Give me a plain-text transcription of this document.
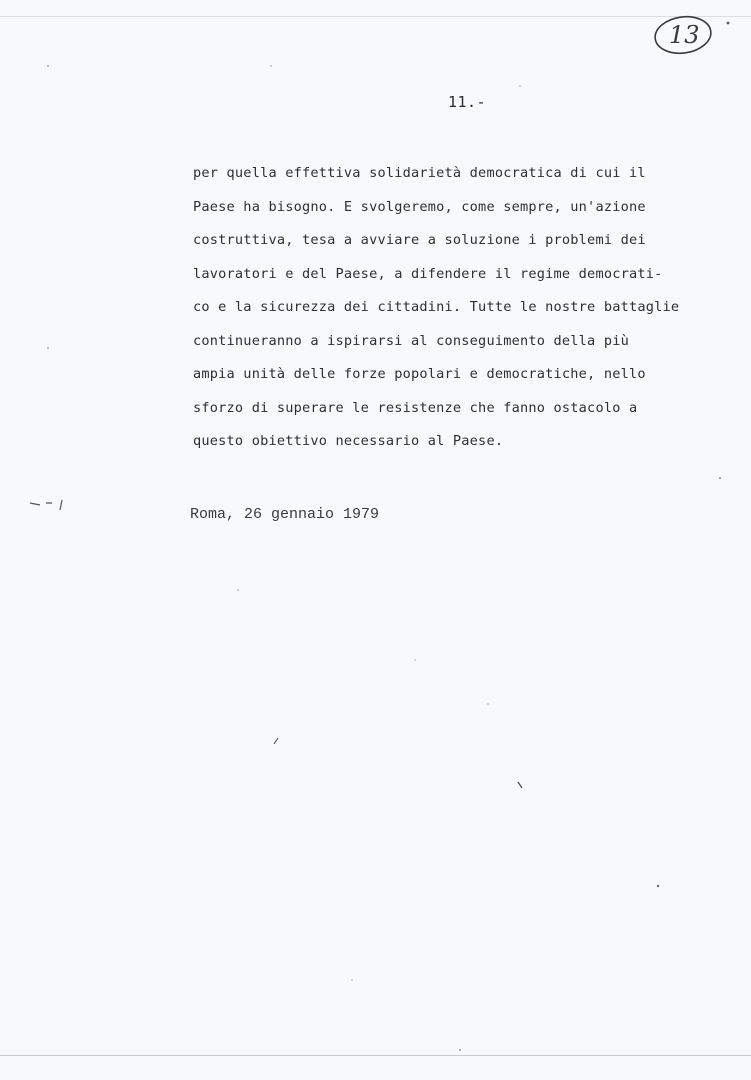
13
11.-
per quella effettiva solidarietà democratica di cui il
Paese ha bisogno. E svolgeremo, come sempre, un'azione
costruttiva, tesa a avviare a soluzione i problemi dei
lavoratori e del Paese, a difendere il regime democrati-
co e la sicurezza dei cittadini. Tutte le nostre battaglie
continueranno a ispirarsi al conseguimento della più
ampia unità delle forze popolari e democratiche, nello
sforzo di superare le resistenze che fanno ostacolo a
questo obiettivo necessario al Paese.
Roma, 26 gennaio 1979
